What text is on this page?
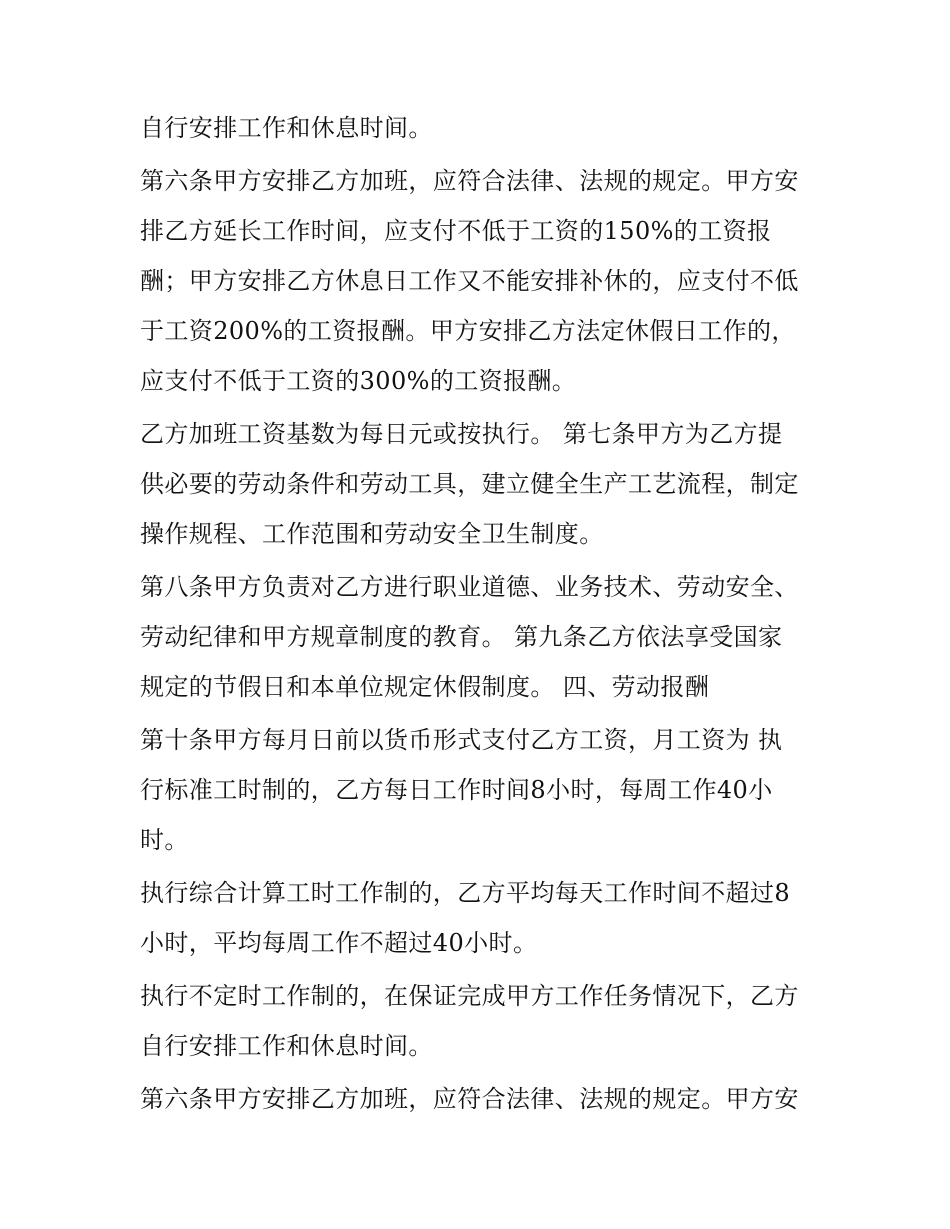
自行安排工作和休息时间。
第六条甲方安排乙方加班，应符合法律、法规的规定。甲方安
排乙方延长工作时间，应支付不低于工资的150%的工资报
酬；甲方安排乙方休息日工作又不能安排补休的，应支付不低
于工资200%的工资报酬。甲方安排乙方法定休假日工作的，
应支付不低于工资的300%的工资报酬。
乙方加班工资基数为每日元或按执行。 第七条甲方为乙方提
供必要的劳动条件和劳动工具，建立健全生产工艺流程，制定
操作规程、工作范围和劳动安全卫生制度。
第八条甲方负责对乙方进行职业道德、业务技术、劳动安全、
劳动纪律和甲方规章制度的教育。 第九条乙方依法享受国家
规定的节假日和本单位规定休假制度。 四、劳动报酬
第十条甲方每月日前以货币形式支付乙方工资，月工资为 执
行标准工时制的，乙方每日工作时间8小时，每周工作40小
时。
执行综合计算工时工作制的，乙方平均每天工作时间不超过8
小时，平均每周工作不超过40小时。
执行不定时工作制的，在保证完成甲方工作任务情况下，乙方
自行安排工作和休息时间。
第六条甲方安排乙方加班，应符合法律、法规的规定。甲方安
